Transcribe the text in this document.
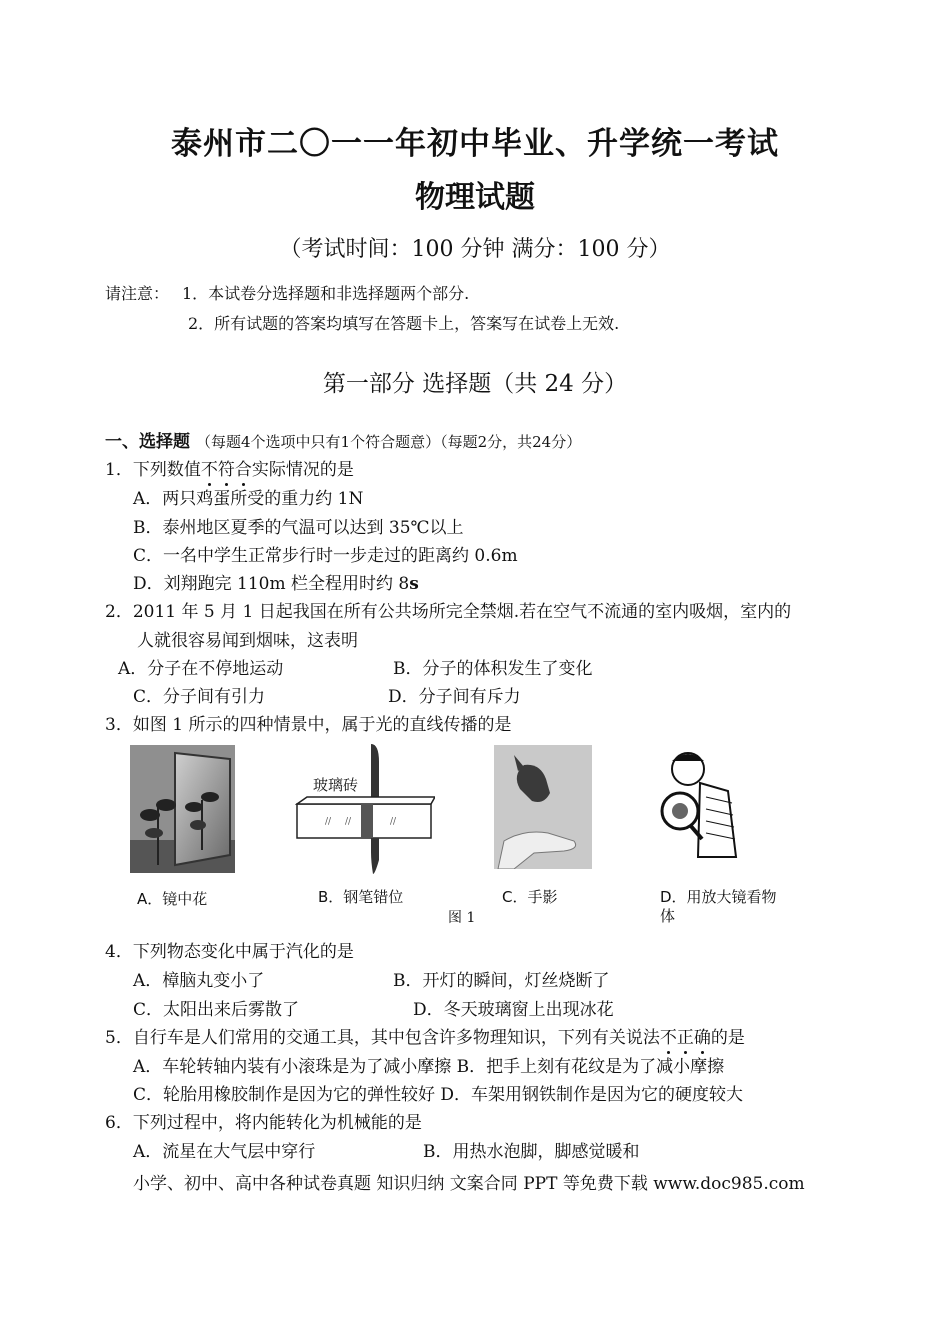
泰州市二〇一一年初中毕业、升学统一考试
物理试题
（考试时间：100 分钟 满分：100 分）
请注意： 1．本试卷分选择题和非选择题两个部分.
2．所有试题的答案均填写在答题卡上，答案写在试卷上无效.
第一部分 选择题（共 24 分）
一、选择题 （每题4个选项中只有1个符合题意）（每题2分，共24分）
1．下列数值不符合实际情况的是
A．两只鸡蛋所受的重力约 1N
B．泰州地区夏季的气温可以达到 35℃以上
C．一名中学生正常步行时一步走过的距离约 0.6m
D．刘翔跑完 110m 栏全程用时约 8s
2．2011 年 5 月 1 日起我国在所有公共场所完全禁烟.若在空气不流通的室内吸烟，室内的
人就很容易闻到烟味，这表明
A．分子在不停地运动	B．分子的体积发生了变化
C．分子间有引力	D．分子间有斥力
3．如图 1 所示的四种情景中，属于光的直线传播的是
玻璃砖
// //	//
A．镜中花	B．钢笔错位	C．手影	D．用放大镜看物
体
图 1
4．下列物态变化中属于汽化的是
A．樟脑丸变小了	B．开灯的瞬间，灯丝烧断了
C．太阳出来后雾散了	D．冬天玻璃窗上出现冰花
5．自行车是人们常用的交通工具，其中包含许多物理知识，下列有关说法不正确的是
A．车轮转轴内装有小滚珠是为了减小摩擦 B．把手上刻有花纹是为了减小摩擦
C．轮胎用橡胶制作是因为它的弹性较好 D．车架用钢铁制作是因为它的硬度较大
6．下列过程中，将内能转化为机械能的是
A．流星在大气层中穿行	B．用热水泡脚，脚感觉暖和
小学、初中、高中各种试卷真题 知识归纳 文案合同 PPT 等免费下载 www.doc985.com
